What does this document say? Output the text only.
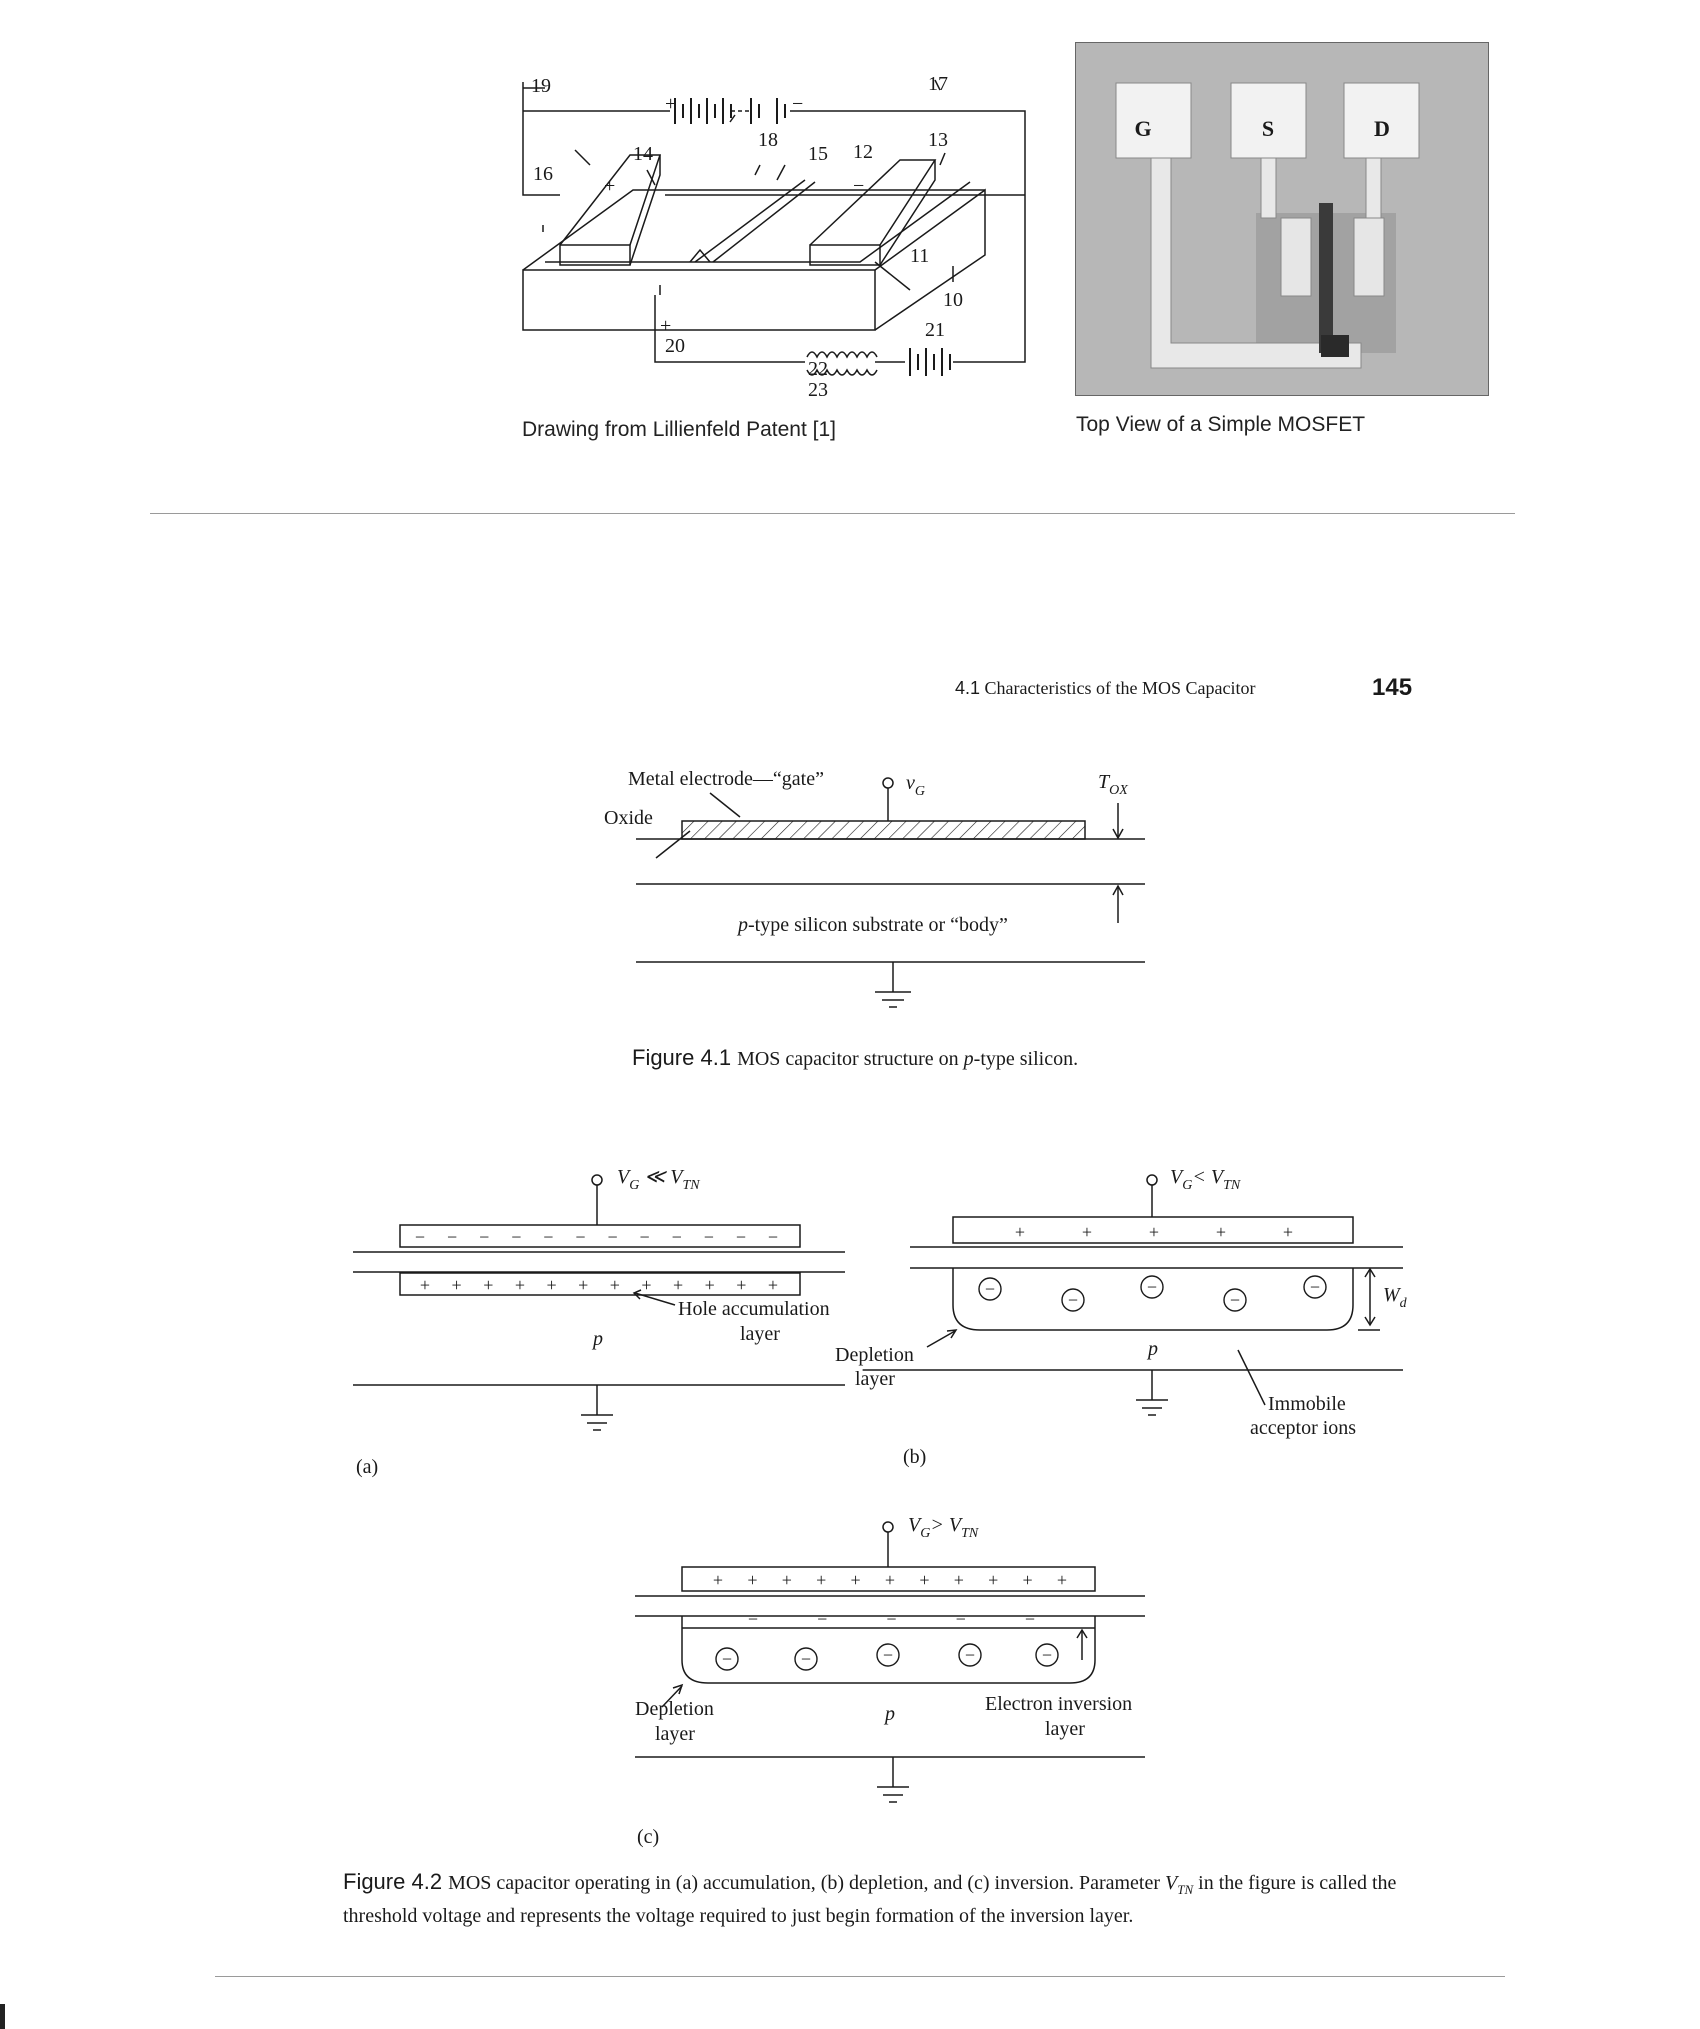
19
18
17
16
14	15 12
13
11
10
20
21
22
23
+	−
+	−
+
Drawing from Lillienfeld Patent [1]
G	S	D
Top View of a Simple MOSFET
4.1 Characteristics of the MOS Capacitor	145
Metal electrode—“gate”
Oxide
$v_G$	$T_{OX}$
p-type silicon substrate or “body”
Figure 4.1 MOS capacitor structure on p-type silicon.
− − − − − − − − − − − −
+ + + + + + + + + + + +
$V_G$ ≪ $V_{TN}$
Hole accumulation
layer
p
(a)
+	+	+	+	+
−
−
−
−
−
$V_G< V_{TN}$
$W_d$
Depletion
layer
p
Immobile
acceptor ions
(b)
+ + + + + + + + + + +
−	−	−	−	−
−	−	−	−	−
$V_G> V_{TN}$
Depletion
layer
p	Electron inversion
layer
(c)
Figure 4.2 MOS capacitor operating in (a) accumulation, (b) depletion, and (c) inversion. Parameter $V_{TN}$ in the figure is called the threshold voltage and represents the voltage required to just begin formation of the inversion layer.
